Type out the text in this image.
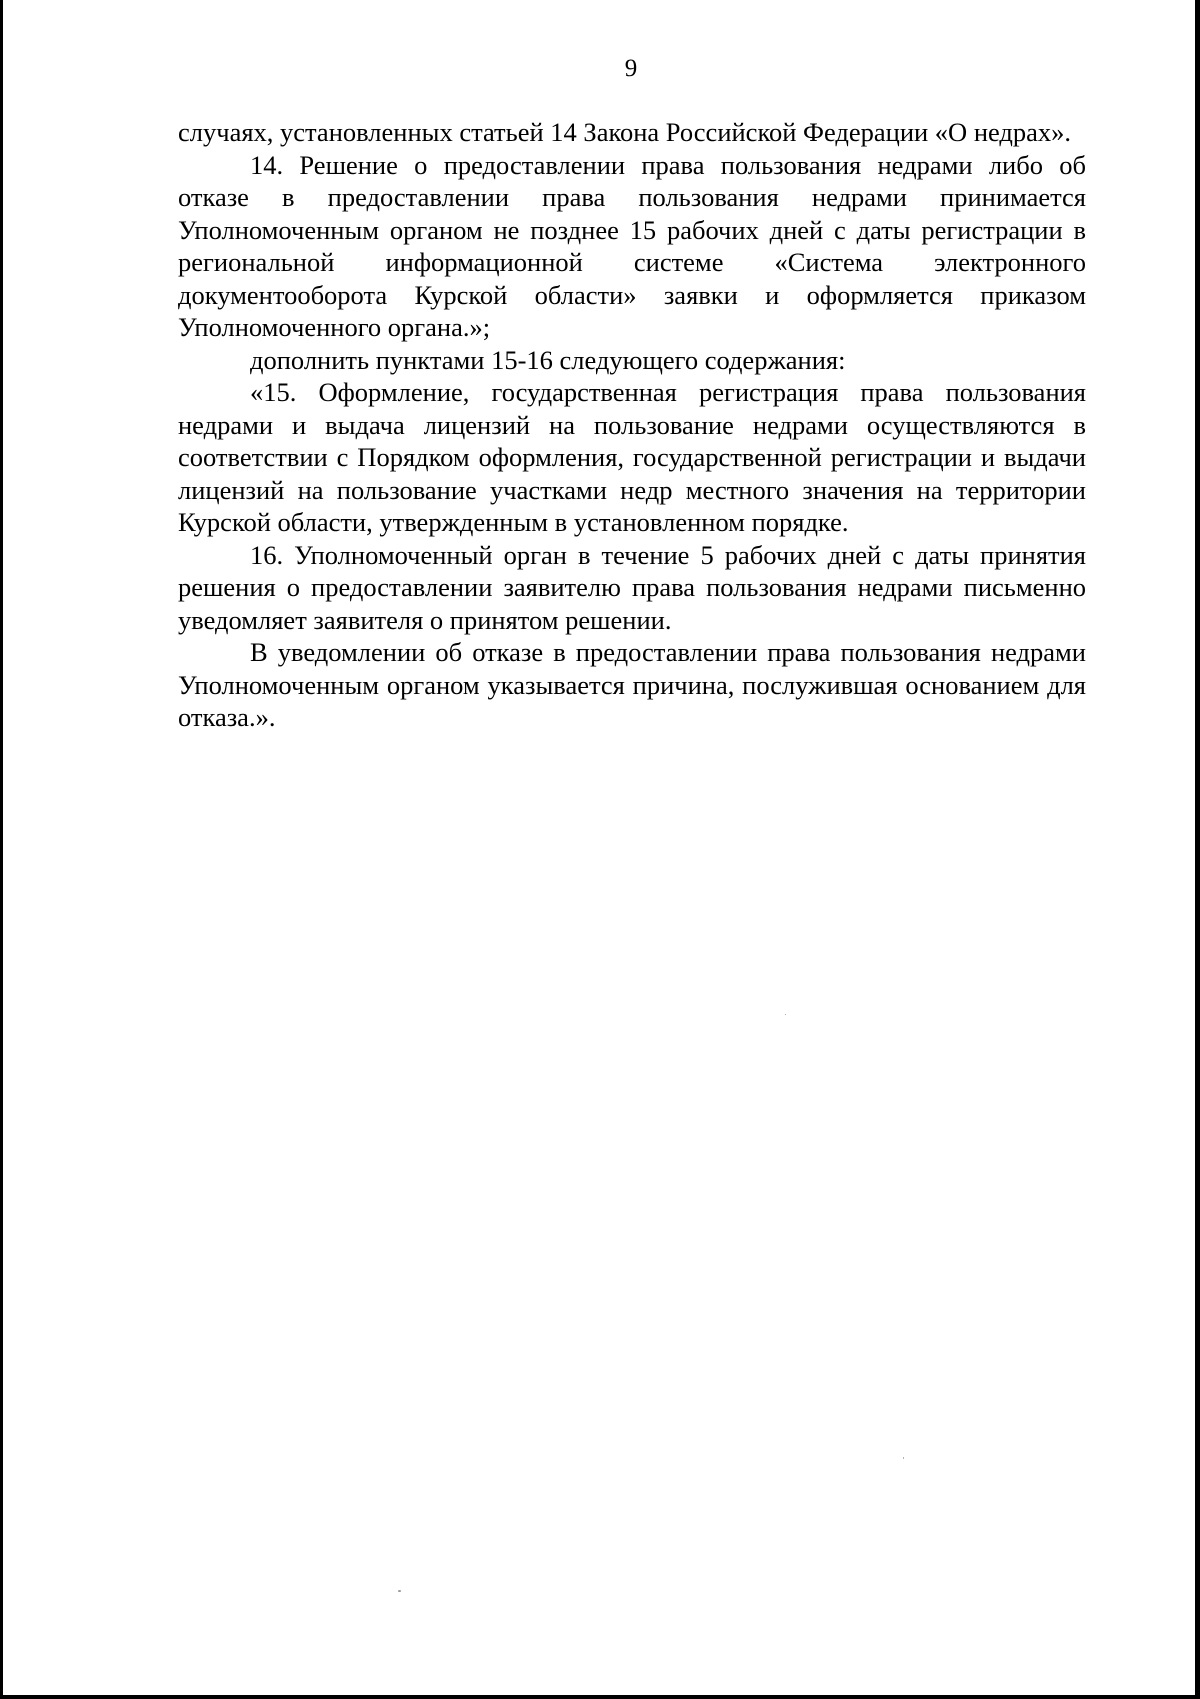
9

случаях, установленных статьей 14 Закона Российской Федерации «О недрах».

14. Решение о предоставлении права пользования недрами либо об отказе в предоставлении права пользования недрами принимается Уполномоченным органом не позднее 15 рабочих дней с даты регистрации в региональной информационной системе «Система электронного документооборота Курской области» заявки и оформляется приказом Уполномоченного органа.»;

дополнить пунктами 15-16 следующего содержания:

«15. Оформление, государственная регистрация права пользования недрами и выдача лицензий на пользование недрами осуществляются в соответствии с Порядком оформления, государственной регистрации и выдачи лицензий на пользование участками недр местного значения на территории Курской области, утвержденным в установленном порядке.

16. Уполномоченный орган в течение 5 рабочих дней с даты принятия решения о предоставлении заявителю права пользования недрами письменно уведомляет заявителя о принятом решении.

В уведомлении об отказе в предоставлении права пользования недрами Уполномоченным органом указывается причина, послужившая основанием для отказа.».
